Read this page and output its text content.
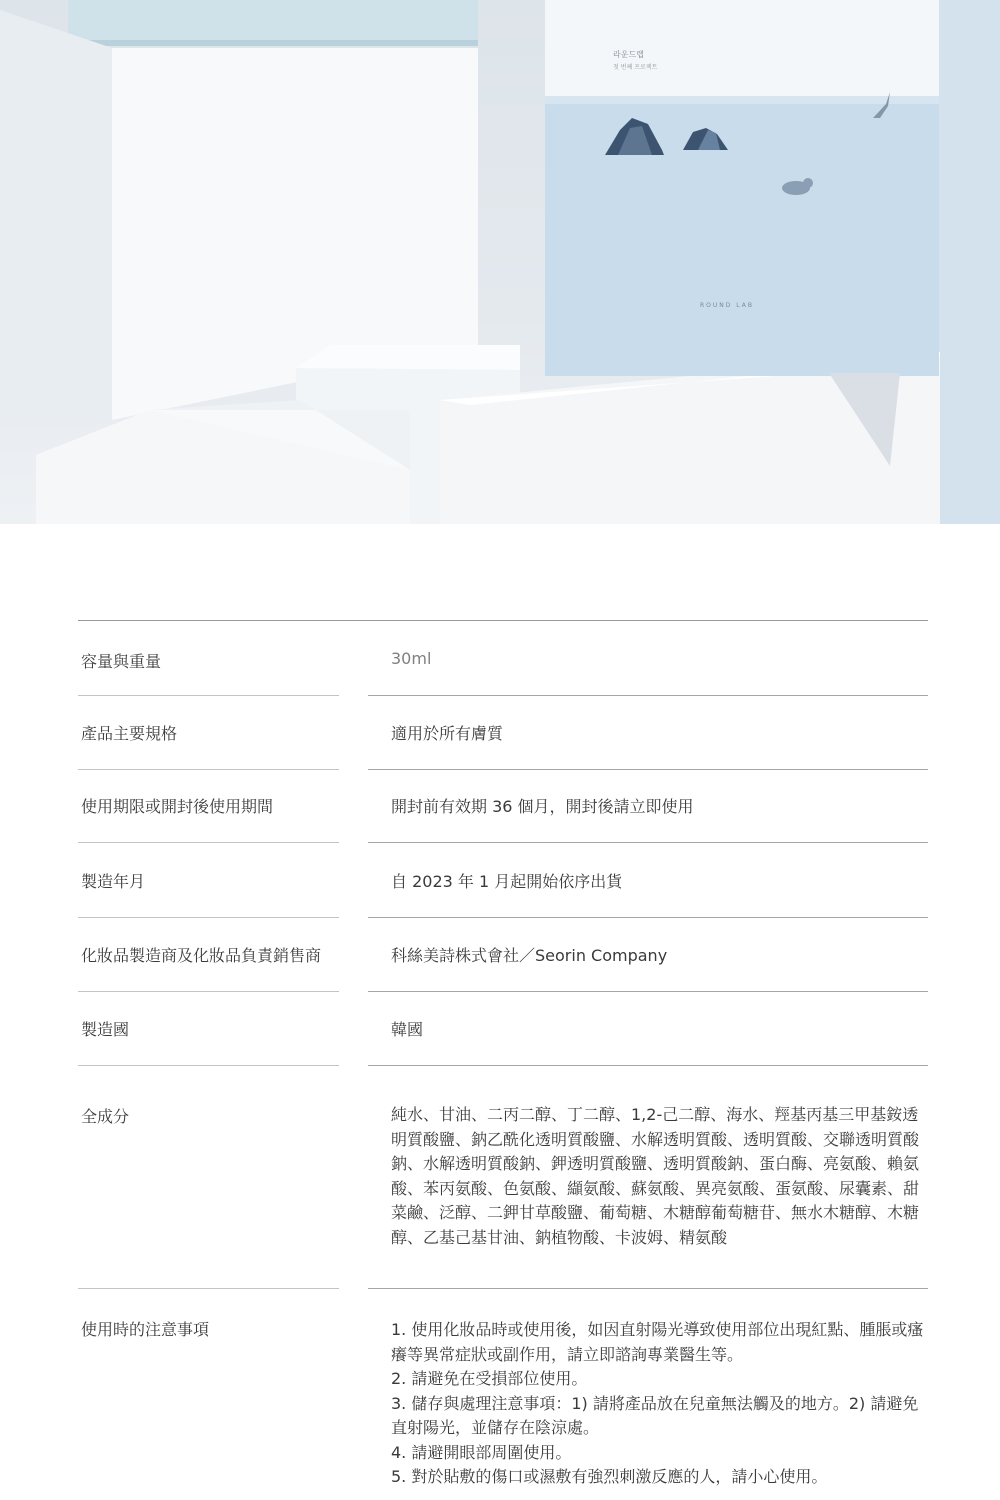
라운드랩
첫 번째 프로젝트
ROUND LAB
容量與重量	30ml
產品主要規格	適用於所有膚質
使用期限或開封後使用期間	開封前有效期 36 個月，開封後請立即使用
製造年月	自 2023 年 1 月起開始依序出貨
化妝品製造商及化妝品負責銷售商	科絲美詩株式會社／Seorin Company
製造國	韓國
全成分	純水、甘油、二丙二醇、丁二醇、1,2-己二醇、海水、羥基丙基三甲基銨透明質酸鹽、鈉乙酰化透明質酸鹽、水解透明質酸、透明質酸、交聯透明質酸鈉、水解透明質酸鈉、鉀透明質酸鹽、透明質酸鈉、蛋白酶、亮氨酸、賴氨酸、苯丙氨酸、色氨酸、纈氨酸、蘇氨酸、異亮氨酸、蛋氨酸、尿囊素、甜菜鹼、泛醇、二鉀甘草酸鹽、葡萄糖、木糖醇葡萄糖苷、無水木糖醇、木糖醇、乙基己基甘油、鈉植物酸、卡波姆、精氨酸
使用時的注意事項	1. 使用化妝品時或使用後，如因直射陽光導致使用部位出現紅點、腫脹或瘙癢等異常症狀或副作用，請立即諮詢專業醫生等。
2. 請避免在受損部位使用。
3. 儲存與處理注意事項：1) 請將產品放在兒童無法觸及的地方。2) 請避免直射陽光，並儲存在陰涼處。
4. 請避開眼部周圍使用。
5. 對於貼敷的傷口或濕敷有強烈刺激反應的人，請小心使用。
